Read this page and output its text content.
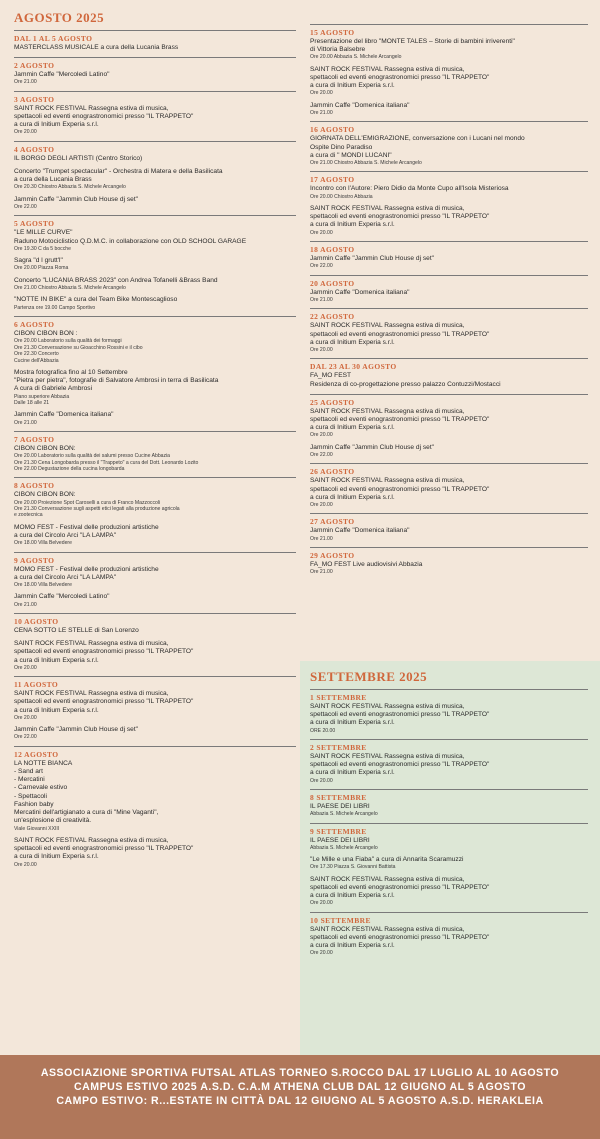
AGOSTO 2025
DAL 1 AL 5 AGOSTO
MASTERCLASS MUSICALE a cura della Lucania Brass
2 AGOSTO
Jammin Caffe "Mercoledi Latino"
Ore 21.00
3 AGOSTO
SAINT ROCK FESTIVAL Rassegna estiva di musica,
spettacoli ed eventi enograstronomici presso "IL TRAPPETO"
a cura di Initium Experia s.r.l.
Ore 20.00
4 AGOSTO
IL BORGO DEGLI ARTISTI (Centro Storico)
Concerto "Trumpet spectacular" - Orchestra di Matera e della Basilicata
a cura della Lucania Brass
Ore 20.30 Chiostro Abbazia S. Michele Arcangelo
Jammin Caffe "Jammin Club House dj set"
Ore 22.00
5 AGOSTO
"LE MILLE CURVE"
Raduno Motociclistico Q.D.M.C. in collaborazione con OLD SCHOOL GARAGE
Ore 19.30 C da 5 bocche
Sagra "d l grutt'l"
Ore 20.00 Piazza Roma
Concerto "LUCANIA BRASS 2023" con Andrea Tofanelli &Brass Band
Ore 21.00 Chiostro Abbazia S. Michele Arcangelo
"NOTTE IN BIKE" a cura del Team Bike Montescaglioso
Partenza ore 19.00 Campo Sportivo
6 AGOSTO
CIBON CIBON BON :
Ore 20.00 Laboratorio sulla qualità dei formaggi
Ore 21.30 Conversazione su Gioacchino Rossini e il cibo
Ore 22.30 Concerto
Cucine dell'Abbazia
Mostra fotografica fino al 10 Settembre
"Pietra per pietra", fotografie di Salvatore Ambrosi in terra di Basilicata
A cura di Gabriele Ambrosi
Piano superiore Abbazia
Dalle 18 alle 21
Jammin Caffe "Domenica italiana"
Ore 21.00
7 AGOSTO
CIBON CIBON BON:
Ore 20.00 Laboratorio sulla qualità dei salumi presso Cucine Abbazia
Ore 21.30 Cena Longobarda presso il "Trappeto" a cura del Dott. Leonardo Lozito
Ore 22.00 Degustazione della cucina longobarda
8 AGOSTO
CIBON CIBON BON:
Ore 20.00 Proiezione Spot Caroselli a cura di Franco Mazzoccoli
Ore 21.30 Conversazione sugli aspetti etici legati alla produzione agricola
e zootecnica
MOMO FEST - Festival delle produzioni artistiche
a cura del Circolo Arci "LA LAMPA"
Ore 18.00 Villa Belvedere
9 AGOSTO
MOMO FEST - Festival delle produzioni artistiche
a cura del Circolo Arci "LA LAMPA"
Ore 18.00 Villa Belvedere
Jammin Caffe "Mercoledi Latino"
Ore 21.00
10 AGOSTO
CENA SOTTO LE STELLE di San Lorenzo
SAINT ROCK FESTIVAL Rassegna estiva di musica,
spettacoli ed eventi enograstronomici presso "IL TRAPPETO"
a cura di Initium Experia s.r.l.
Ore 20.00
11 AGOSTO
SAINT ROCK FESTIVAL Rassegna estiva di musica,
spettacoli ed eventi enograstronomici presso "IL TRAPPETO"
a cura di Initium Experia s.r.l.
Ore 20.00
Jammin Caffe "Jammin Club House dj set"
Ore 22.00
12 AGOSTO
LA NOTTE BIANCA
- Sand art
- Mercatini
- Carnevale estivo
- Spettacoli
Fashion baby
Mercatini dell'artigianato a cura di "Mine Vaganti",
un'esplosione di creatività.
Viale Giovanni XXIII
SAINT ROCK FESTIVAL Rassegna estiva di musica,
spettacoli ed eventi enograstronomici presso "IL TRAPPETO"
a cura di Initium Experia s.r.l.
Ore 20.00
15 AGOSTO
Presentazione del libro "MONTE TALES – Storie di bambini irriverenti"
di Vittoria Balsebre
Ore 20.00 Abbazia S. Michele Arcangelo
SAINT ROCK FESTIVAL Rassegna estiva di musica,
spettacoli ed eventi enograstronomici presso "IL TRAPPETO"
a cura di Initium Experia s.r.l.
Ore 20.00
Jammin Caffe "Domenica italiana"
Ore 21.00
16 AGOSTO
GIORNATA DELL'EMIGRAZIONE, conversazione con i Lucani nel mondo
Ospite Dino Paradiso
a cura di " MONDI LUCANI"
Ore 21.00 Chiostro Abbazia S. Michele Arcangelo
17 AGOSTO
Incontro con l'Autore: Piero Didio da Monte Cupo all'Isola Misteriosa
Ore 20.00 Chiostro Abbazia
SAINT ROCK FESTIVAL Rassegna estiva di musica,
spettacoli ed eventi enograstronomici presso "IL TRAPPETO"
a cura di Initium Experia s.r.l.
Ore 20.00
18 AGOSTO
Jammin Caffe "Jammin Club House dj set"
Ore 22.00
20 AGOSTO
Jammin Caffe "Domenica italiana"
Ore 21.00
22 AGOSTO
SAINT ROCK FESTIVAL Rassegna estiva di musica,
spettacoli ed eventi enograstronomici presso "IL TRAPPETO"
a cura di Initium Experia s.r.l.
Ore 20.00
DAL 23 AL 30 AGOSTO
FA_MO FEST
Residenza di co-progettazione presso palazzo Contuzzi/Mostacci
25 AGOSTO
SAINT ROCK FESTIVAL Rassegna estiva di musica,
spettacoli ed eventi enograstronomici presso "IL TRAPPETO"
a cura di Initium Experia s.r.l.
Ore 20.00
Jammin Caffe "Jammin Club House dj set"
Ore 22.00
26 AGOSTO
SAINT ROCK FESTIVAL Rassegna estiva di musica,
spettacoli ed eventi enograstronomici presso "IL TRAPPETO"
a cura di Initium Experia s.r.l.
Ore 20.00
27 AGOSTO
Jammin Caffe "Domenica italiana"
Ore 21.00
29 AGOSTO
FA_MO FEST Live audiovisivi Abbazia
Ore 21.00
SETTEMBRE 2025
1 SETTEMBRE
SAINT ROCK FESTIVAL Rassegna estiva di musica,
spettacoli ed eventi enograstronomici presso "IL TRAPPETO"
a cura di Initium Experia s.r.l.
ORE 20.00
2 SETTEMBRE
SAINT ROCK FESTIVAL Rassegna estiva di musica,
spettacoli ed eventi enograstronomici presso "IL TRAPPETO"
a cura di Initium Experia s.r.l.
Ore 20.00
8 SETTEMBRE
IL PAESE DEI LIBRI
Abbazia S. Michele Arcangelo
9 SETTEMBRE
IL PAESE DEI LIBRI
Abbazia S. Michele Arcangelo
"Le Mille e una Fiaba" a cura di Annarita Scaramuzzi
Ore 17.30 Piazza S. Giovanni Battista
SAINT ROCK FESTIVAL Rassegna estiva di musica,
spettacoli ed eventi enograstronomici presso "IL TRAPPETO"
a cura di Initium Experia s.r.l.
Ore 20.00
10 SETTEMBRE
SAINT ROCK FESTIVAL Rassegna estiva di musica,
spettacoli ed eventi enograstronomici presso "IL TRAPPETO"
a cura di Initium Experia s.r.l.
Ore 20.00
ASSOCIAZIONE SPORTIVA FUTSAL ATLAS TORNEO S.ROCCO DAL 17 LUGLIO AL 10 AGOSTO
CAMPUS ESTIVO 2025 A.S.D. C.A.M ATHENA CLUB DAL 12 GIUGNO AL 5 AGOSTO
CAMPO ESTIVO: R...ESTATE IN CITTÀ DAL 12 GIUGNO AL 5 AGOSTO A.S.D. HERAKLEIA
